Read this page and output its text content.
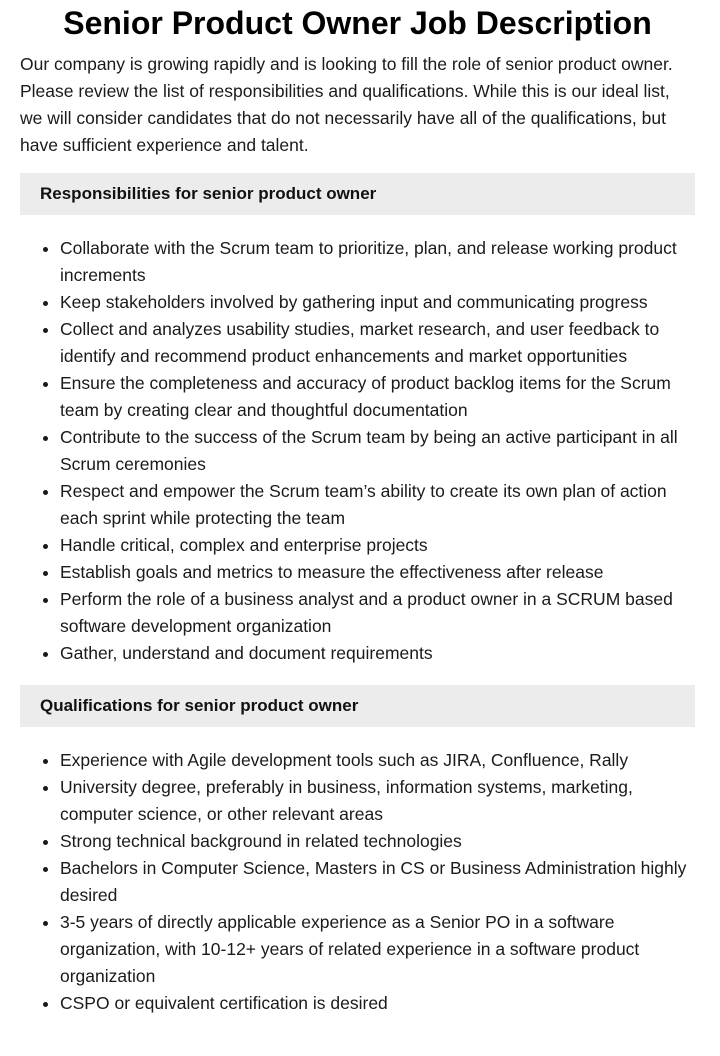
Senior Product Owner Job Description

Our company is growing rapidly and is looking to fill the role of senior product owner. Please review the list of responsibilities and qualifications. While this is our ideal list, we will consider candidates that do not necessarily have all of the qualifications, but have sufficient experience and talent.

Responsibilities for senior product owner
• Collaborate with the Scrum team to prioritize, plan, and release working product increments
• Keep stakeholders involved by gathering input and communicating progress
• Collect and analyzes usability studies, market research, and user feedback to identify and recommend product enhancements and market opportunities
• Ensure the completeness and accuracy of product backlog items for the Scrum team by creating clear and thoughtful documentation
• Contribute to the success of the Scrum team by being an active participant in all Scrum ceremonies
• Respect and empower the Scrum team’s ability to create its own plan of action each sprint while protecting the team
• Handle critical, complex and enterprise projects
• Establish goals and metrics to measure the effectiveness after release
• Perform the role of a business analyst and a product owner in a SCRUM based software development organization
• Gather, understand and document requirements
Qualifications for senior product owner
• Experience with Agile development tools such as JIRA, Confluence, Rally
• University degree, preferably in business, information systems, marketing, computer science, or other relevant areas
• Strong technical background in related technologies
• Bachelors in Computer Science, Masters in CS or Business Administration highly desired
• 3-5 years of directly applicable experience as a Senior PO in a software organization, with 10-12+ years of related experience in a software product organization
• CSPO or equivalent certification is desired
